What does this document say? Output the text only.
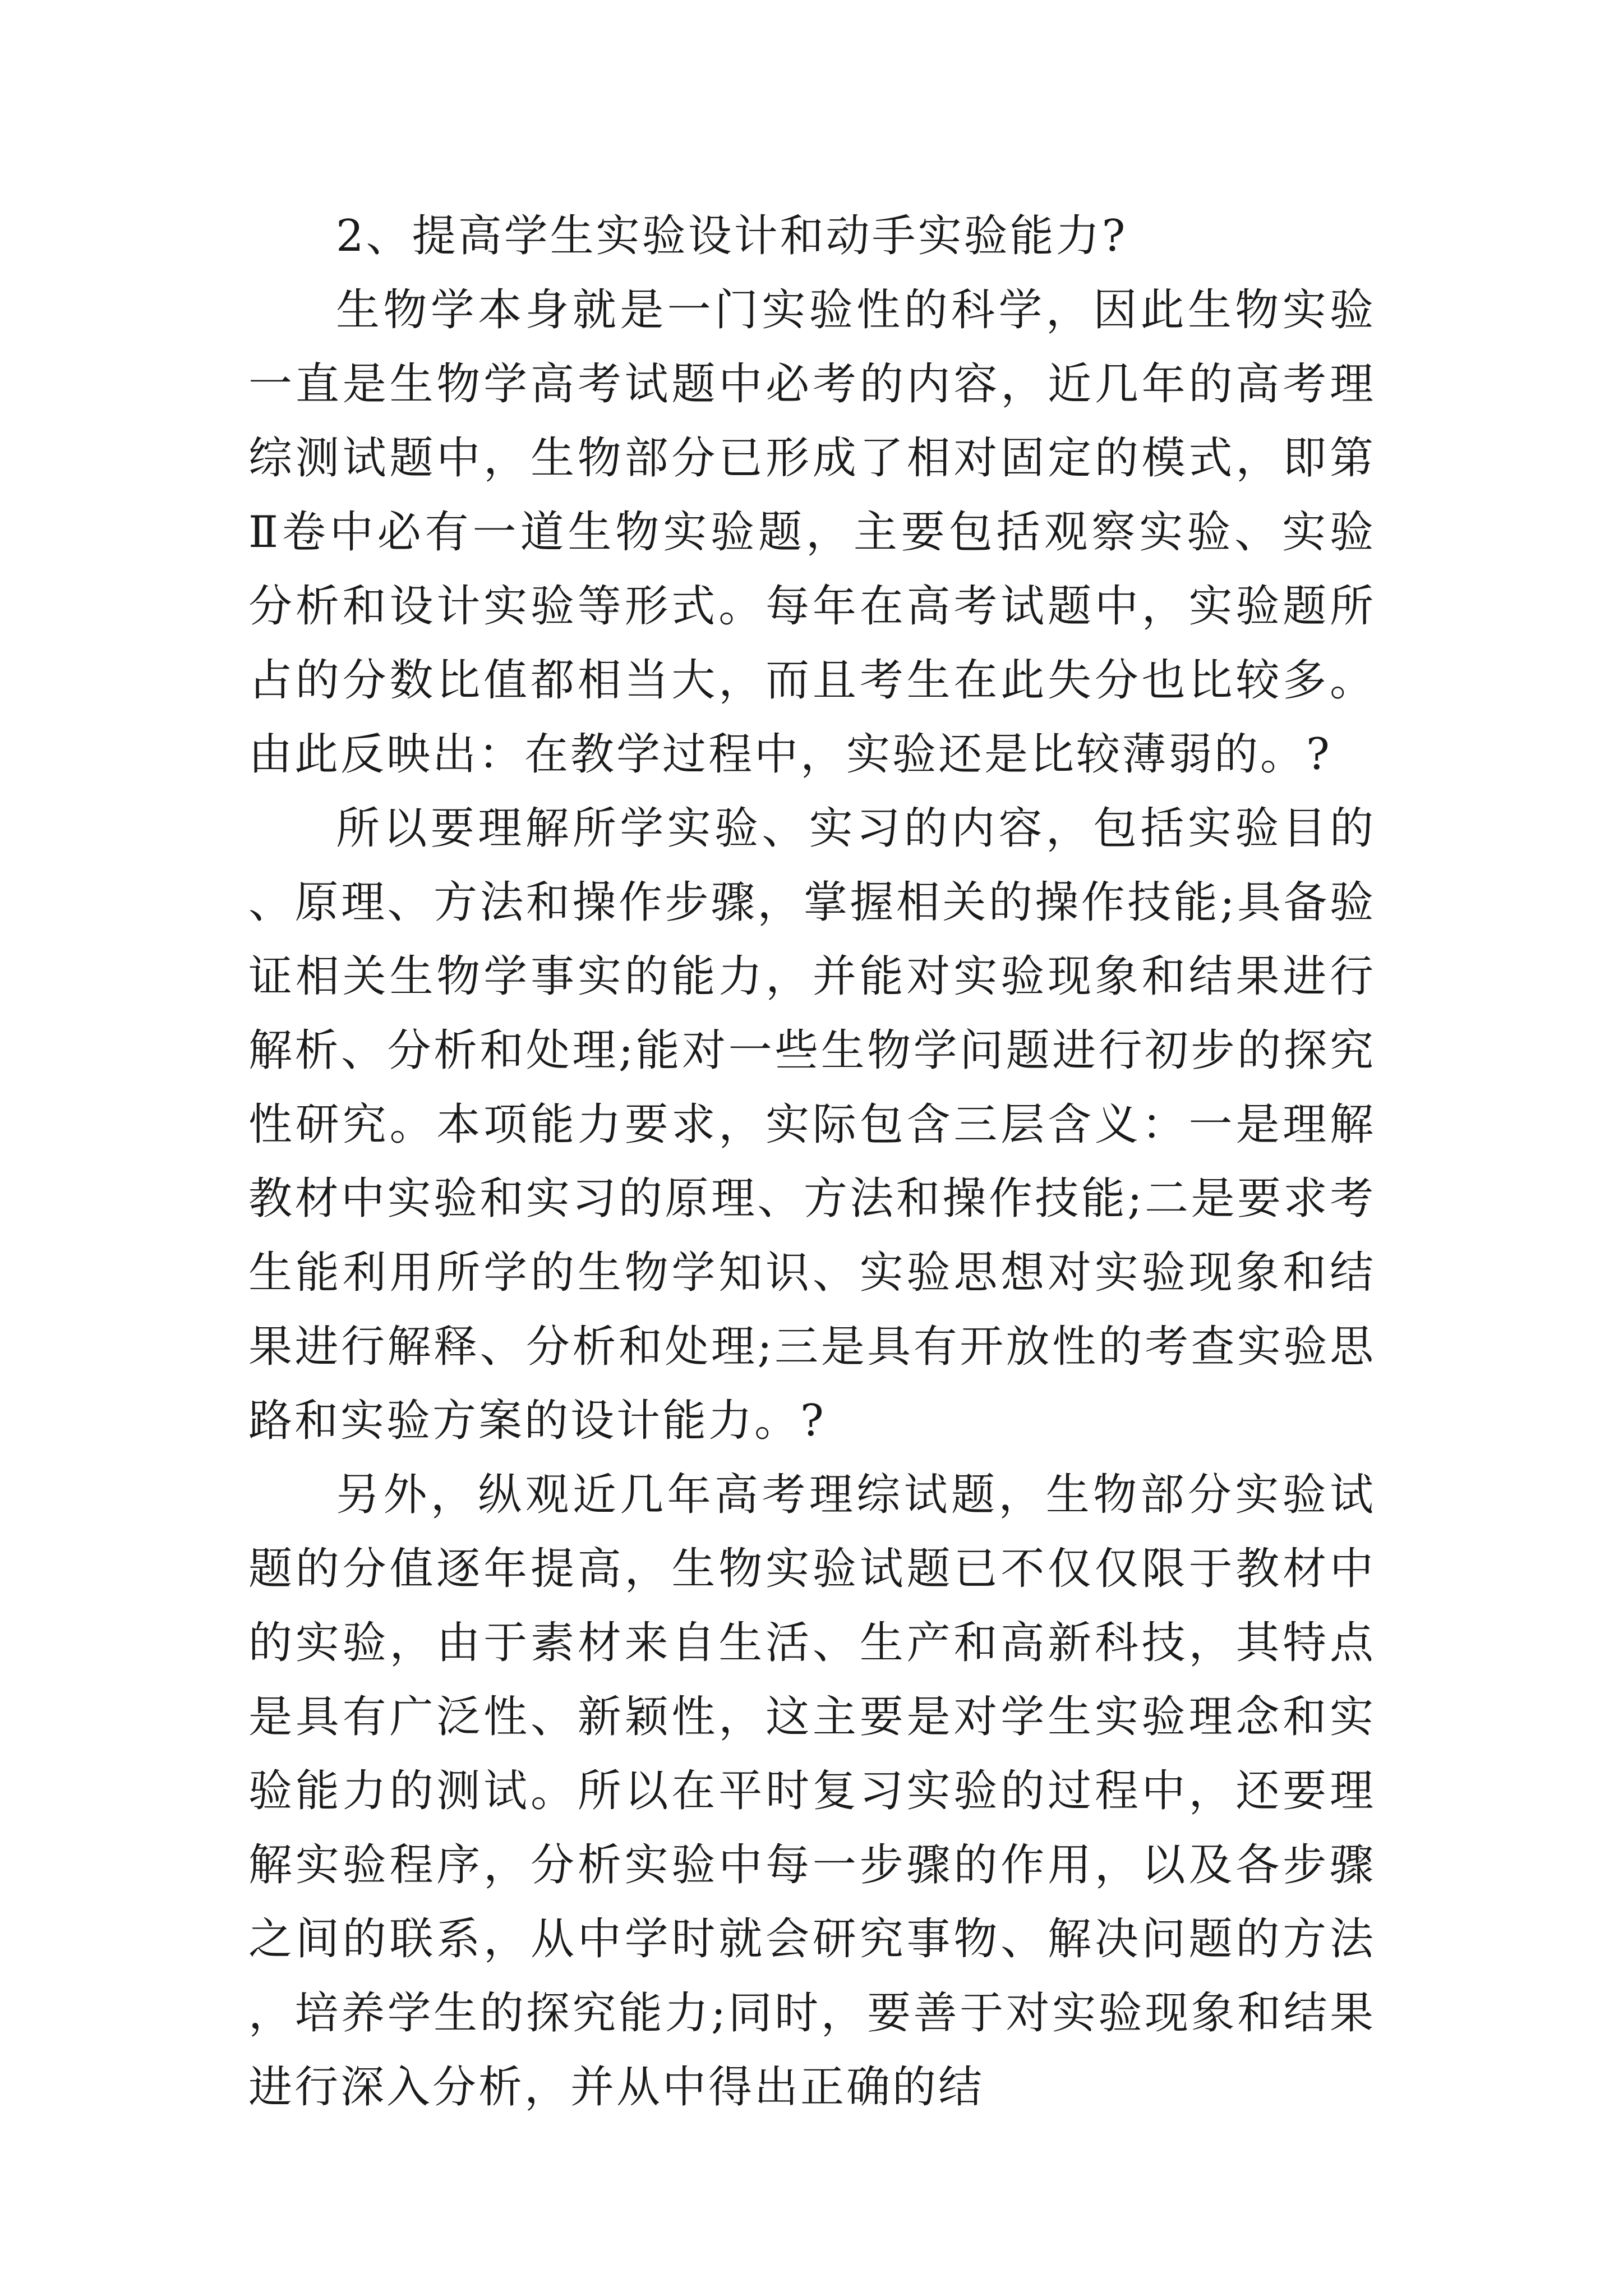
2、提高学生实验设计和动手实验能力?

生物学本身就是一门实验性的科学，因此生物实验一直是生物学高考试题中必考的内容，近几年的高考理综测试题中，生物部分已形成了相对固定的模式，即第Ⅱ卷中必有一道生物实验题，主要包括观察实验、实验分析和设计实验等形式。每年在高考试题中，实验题所占的分数比值都相当大，而且考生在此失分也比较多。由此反映出：在教学过程中，实验还是比较薄弱的。?

所以要理解所学实验、实习的内容，包括实验目的、原理、方法和操作步骤，掌握相关的操作技能;具备验证相关生物学事实的能力，并能对实验现象和结果进行解析、分析和处理;能对一些生物学问题进行初步的探究性研究。本项能力要求，实际包含三层含义：一是理解教材中实验和实习的原理、方法和操作技能;二是要求考生能利用所学的生物学知识、实验思想对实验现象和结果进行解释、分析和处理;三是具有开放性的考查实验思路和实验方案的设计能力。?

另外，纵观近几年高考理综试题，生物部分实验试题的分值逐年提高，生物实验试题已不仅仅限于教材中的实验，由于素材来自生活、生产和高新科技，其特点是具有广泛性、新颖性，这主要是对学生实验理念和实验能力的测试。所以在平时复习实验的过程中，还要理解实验程序，分析实验中每一步骤的作用，以及各步骤之间的联系，从中学时就会研究事物、解决问题的方法，培养学生的探究能力;同时，要善于对实验现象和结果进行深入分析，并从中得出正确的结
